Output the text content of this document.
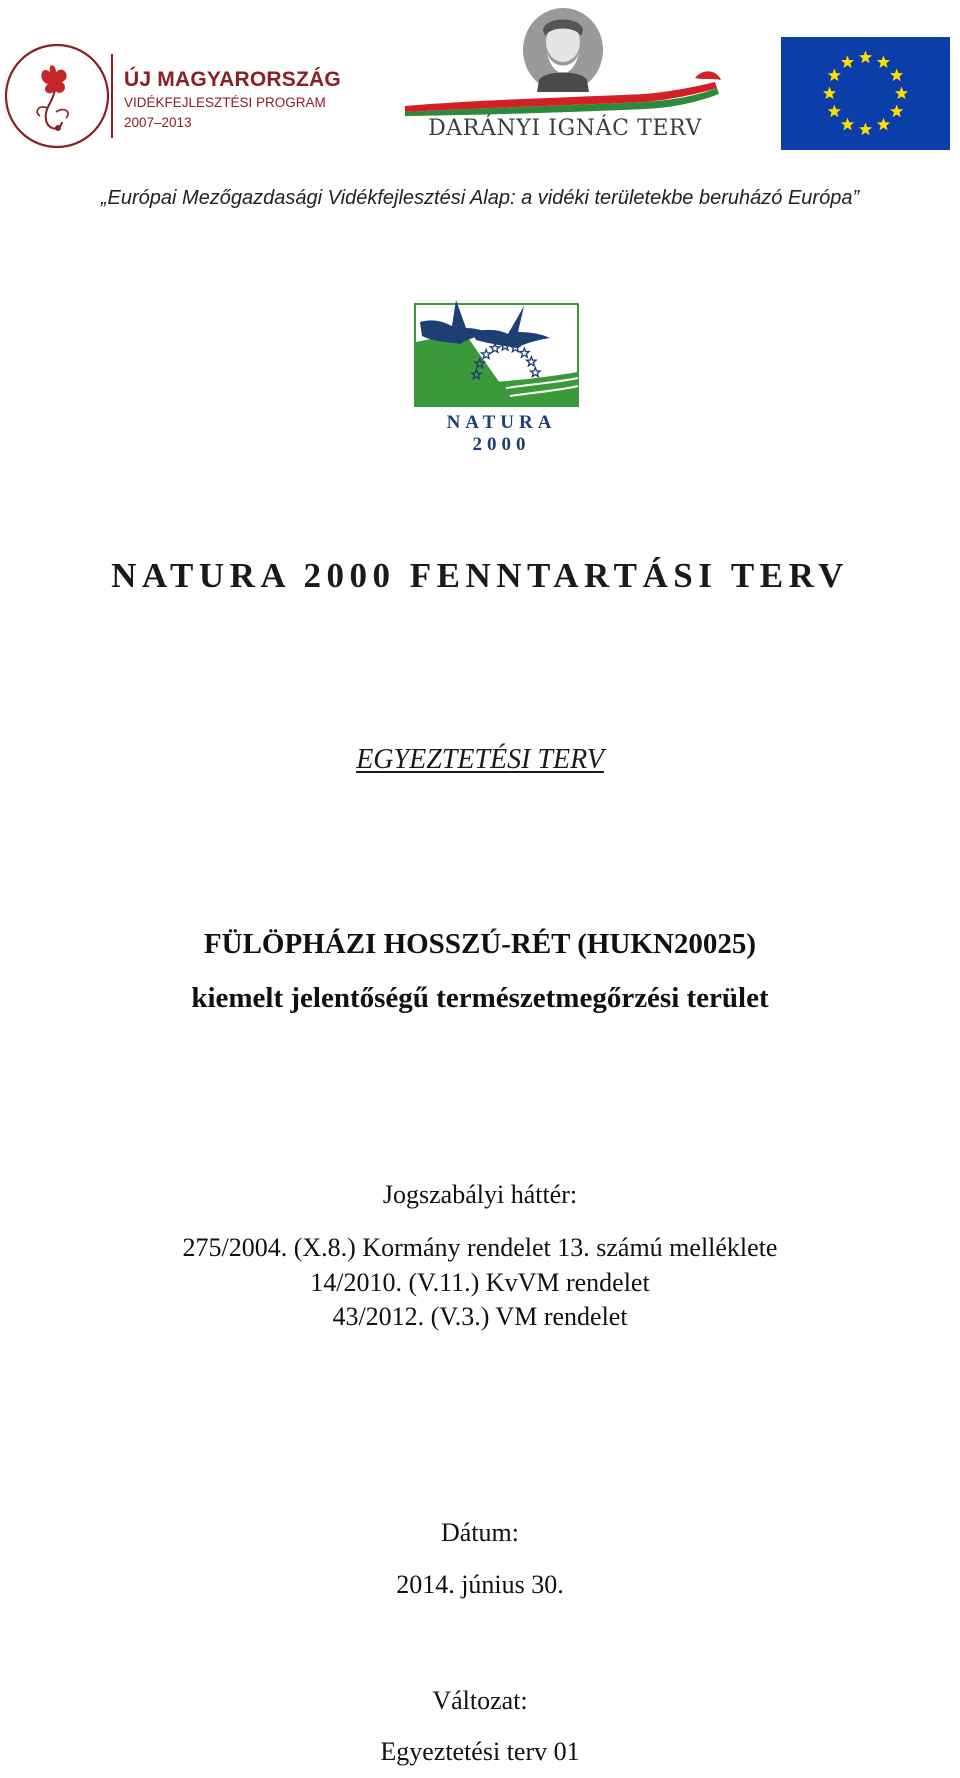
ÚJ MAGYARORSZÁG
VIDÉKFEJLESZTÉSI PROGRAM
2007–2013	DARÁNYI IGNÁC TERV
„Európai Mezőgazdasági Vidékfejlesztési Alap: a vidéki területekbe beruházó Európa”
NATURA 2000
NATURA 2000 FENNTARTÁSI TERV
EGYEZTETÉSI TERV
FÜLÖPHÁZI HOSSZÚ-RÉT (HUKN20025)
kiemelt jelentőségű természetmegőrzési terület
Jogszabályi háttér:
275/2004. (X.8.) Kormány rendelet 13. számú melléklete
14/2010. (V.11.) KvVM rendelet
43/2012. (V.3.) VM rendelet
Dátum:
2014. június 30.
Változat:
Egyeztetési terv 01
